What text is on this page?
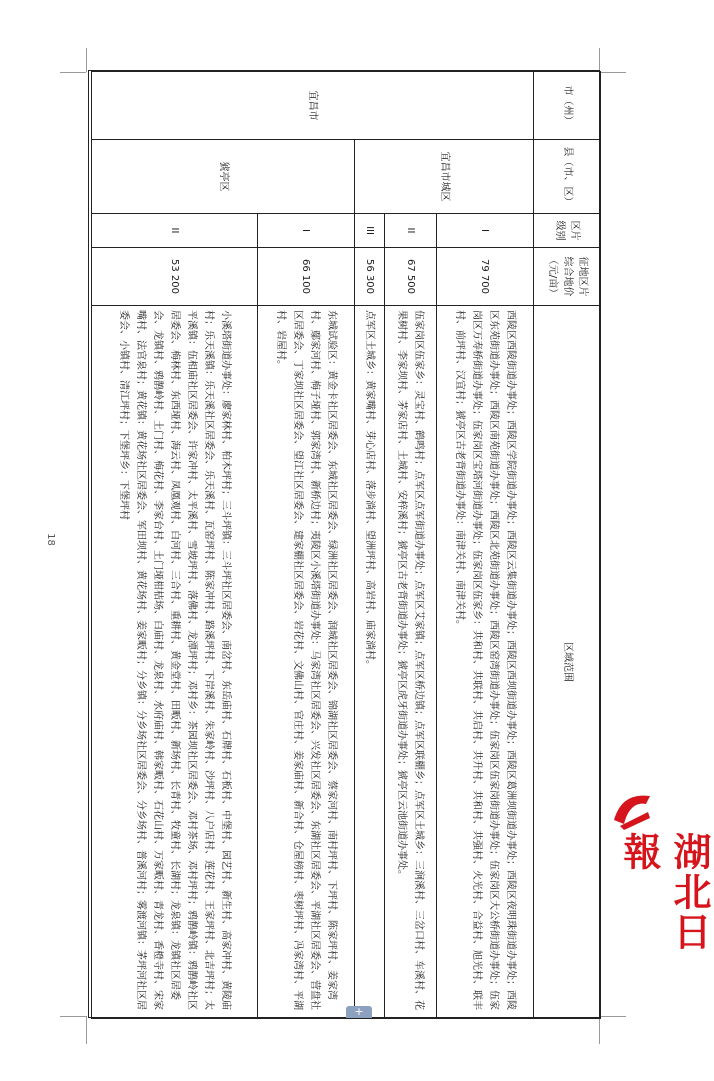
18
市（州）	县（市、区）	区片级别	征地区片综合地价（元/亩）	区域范围
宜昌市	宜昌市城区	I	79 700	西陵区西陵街道办事处；西陵区学院街道办事处；西陵区云集街道办事处；西陵区西坝街道办事处；西陵区葛洲坝街道办事处；西陵区夜明珠街道办事处；西陵区东苑街道办事处；西陵区南苑街道办事处；西陵区北苑街道办事处；西陵区窑湾街道办事处；伍家岗区伍家岗街道办事处；伍家岗区大公桥街道办事处；伍家岗区万寿桥街道办事处；伍家岗区宝塔河街道办事处；伍家岗区伍家乡：共和村、共联村、共启村、共升村、共和村、共强村、火光村、合益村、旭光村、联丰村、前坪村、汉宜村；猇亭区古老背街道办事处：南津关村、南津关村。
		II	67 500	伍家岗区伍家乡：灵宝村、鹤鸣村；点军区点军街道办事处；点军区艾家镇；点军区桥边镇；点军区联棚乡；点军区土城乡：三涧溪村、三岔口村、车溪村、花果树村、李家坝村、茅家店村、土城村、安梓溪村；猇亭区古老背街道办事处；猇亭区虎牙街道办事处；猇亭区云池街道办事处。
		III	56 300	点军区土城乡：黄家嘴村、芽心店村、落步淌村、望洲坪村、高岩村、庙家淌村。
	猇亭区	I	66 100	东城试验区：黄金卡社区居委会、东城社区居委会、绿洲社区居委会、润城社区居委会、锦湖社区居委会、蔡家河村、南村坪村、下坪村、陈家坪村、姜家湾村、鄢家河村、梅子垭村、郭家湾村、新桥边村；夷陵区小溪塔街道办事处：马家湾社区居委会、兴发社区居委会、东湖社区居委会、平湖社区居委会、营盘社区居委会、丁家坝社区居委会、望江社区居委会、建家棚社区居委会、岩花村、文佛山村、官庄村、姜家庙村、新合村、仓屋榜村、枣树坪村、冯家湾村、平湖村、岩屋村。
		II	53 200	小溪塔街道办事处：廖家林村、柏木坪村；三斗坪镇：三斗坪社区居委会、南岔村、东岳庙村、石牌村、石板村、中堡村、园艺村、新生村、高家冲村、黄陵庙村；乐天溪镇：乐天溪社区居委会、乐天溪村、瓦窑坪村、陈家冲村、路溪坪村、下岸溪村、朱家岭村、沙坪村、八户店村、莲花村、王家坪村、北吉坪村；太平溪镇：伍相庙社区居委会、许家冲村、太平溪村、雪坡坪村、落佛村、龙潭坪村；邓村乡：茶园坝社区居委会、邓村茶场、邓村坪村；鸦鹊岭镇：鸦鹊岭社区居委会、梅林村、东西垭村、海云村、凤凰观村、白河村、三合村、重耕村、黄金堂村、田畈村、新场村、长青村、牧童村、长湖村；龙泉镇：龙镇社区居委会、龙镇村、鸦鹊岭村、土门村、梅花村、李家台村、土门垭柑桔场、白庙村、龙泉村、水府庙村、韩家畈村、石花山村、万家畈村、青龙村、香橙寺村、宋家嘴村、法官泉村；黄花镇：黄花场社区居委会、军田坝村、黄花场村、姜家畈村；分乡镇：分乡场社区居委会、分乡场村、普溪河村；雾渡河镇：茅坪河社区居委会、小镇村、清江坪村；下堡坪乡：下堡坪村
湖北日報
+
